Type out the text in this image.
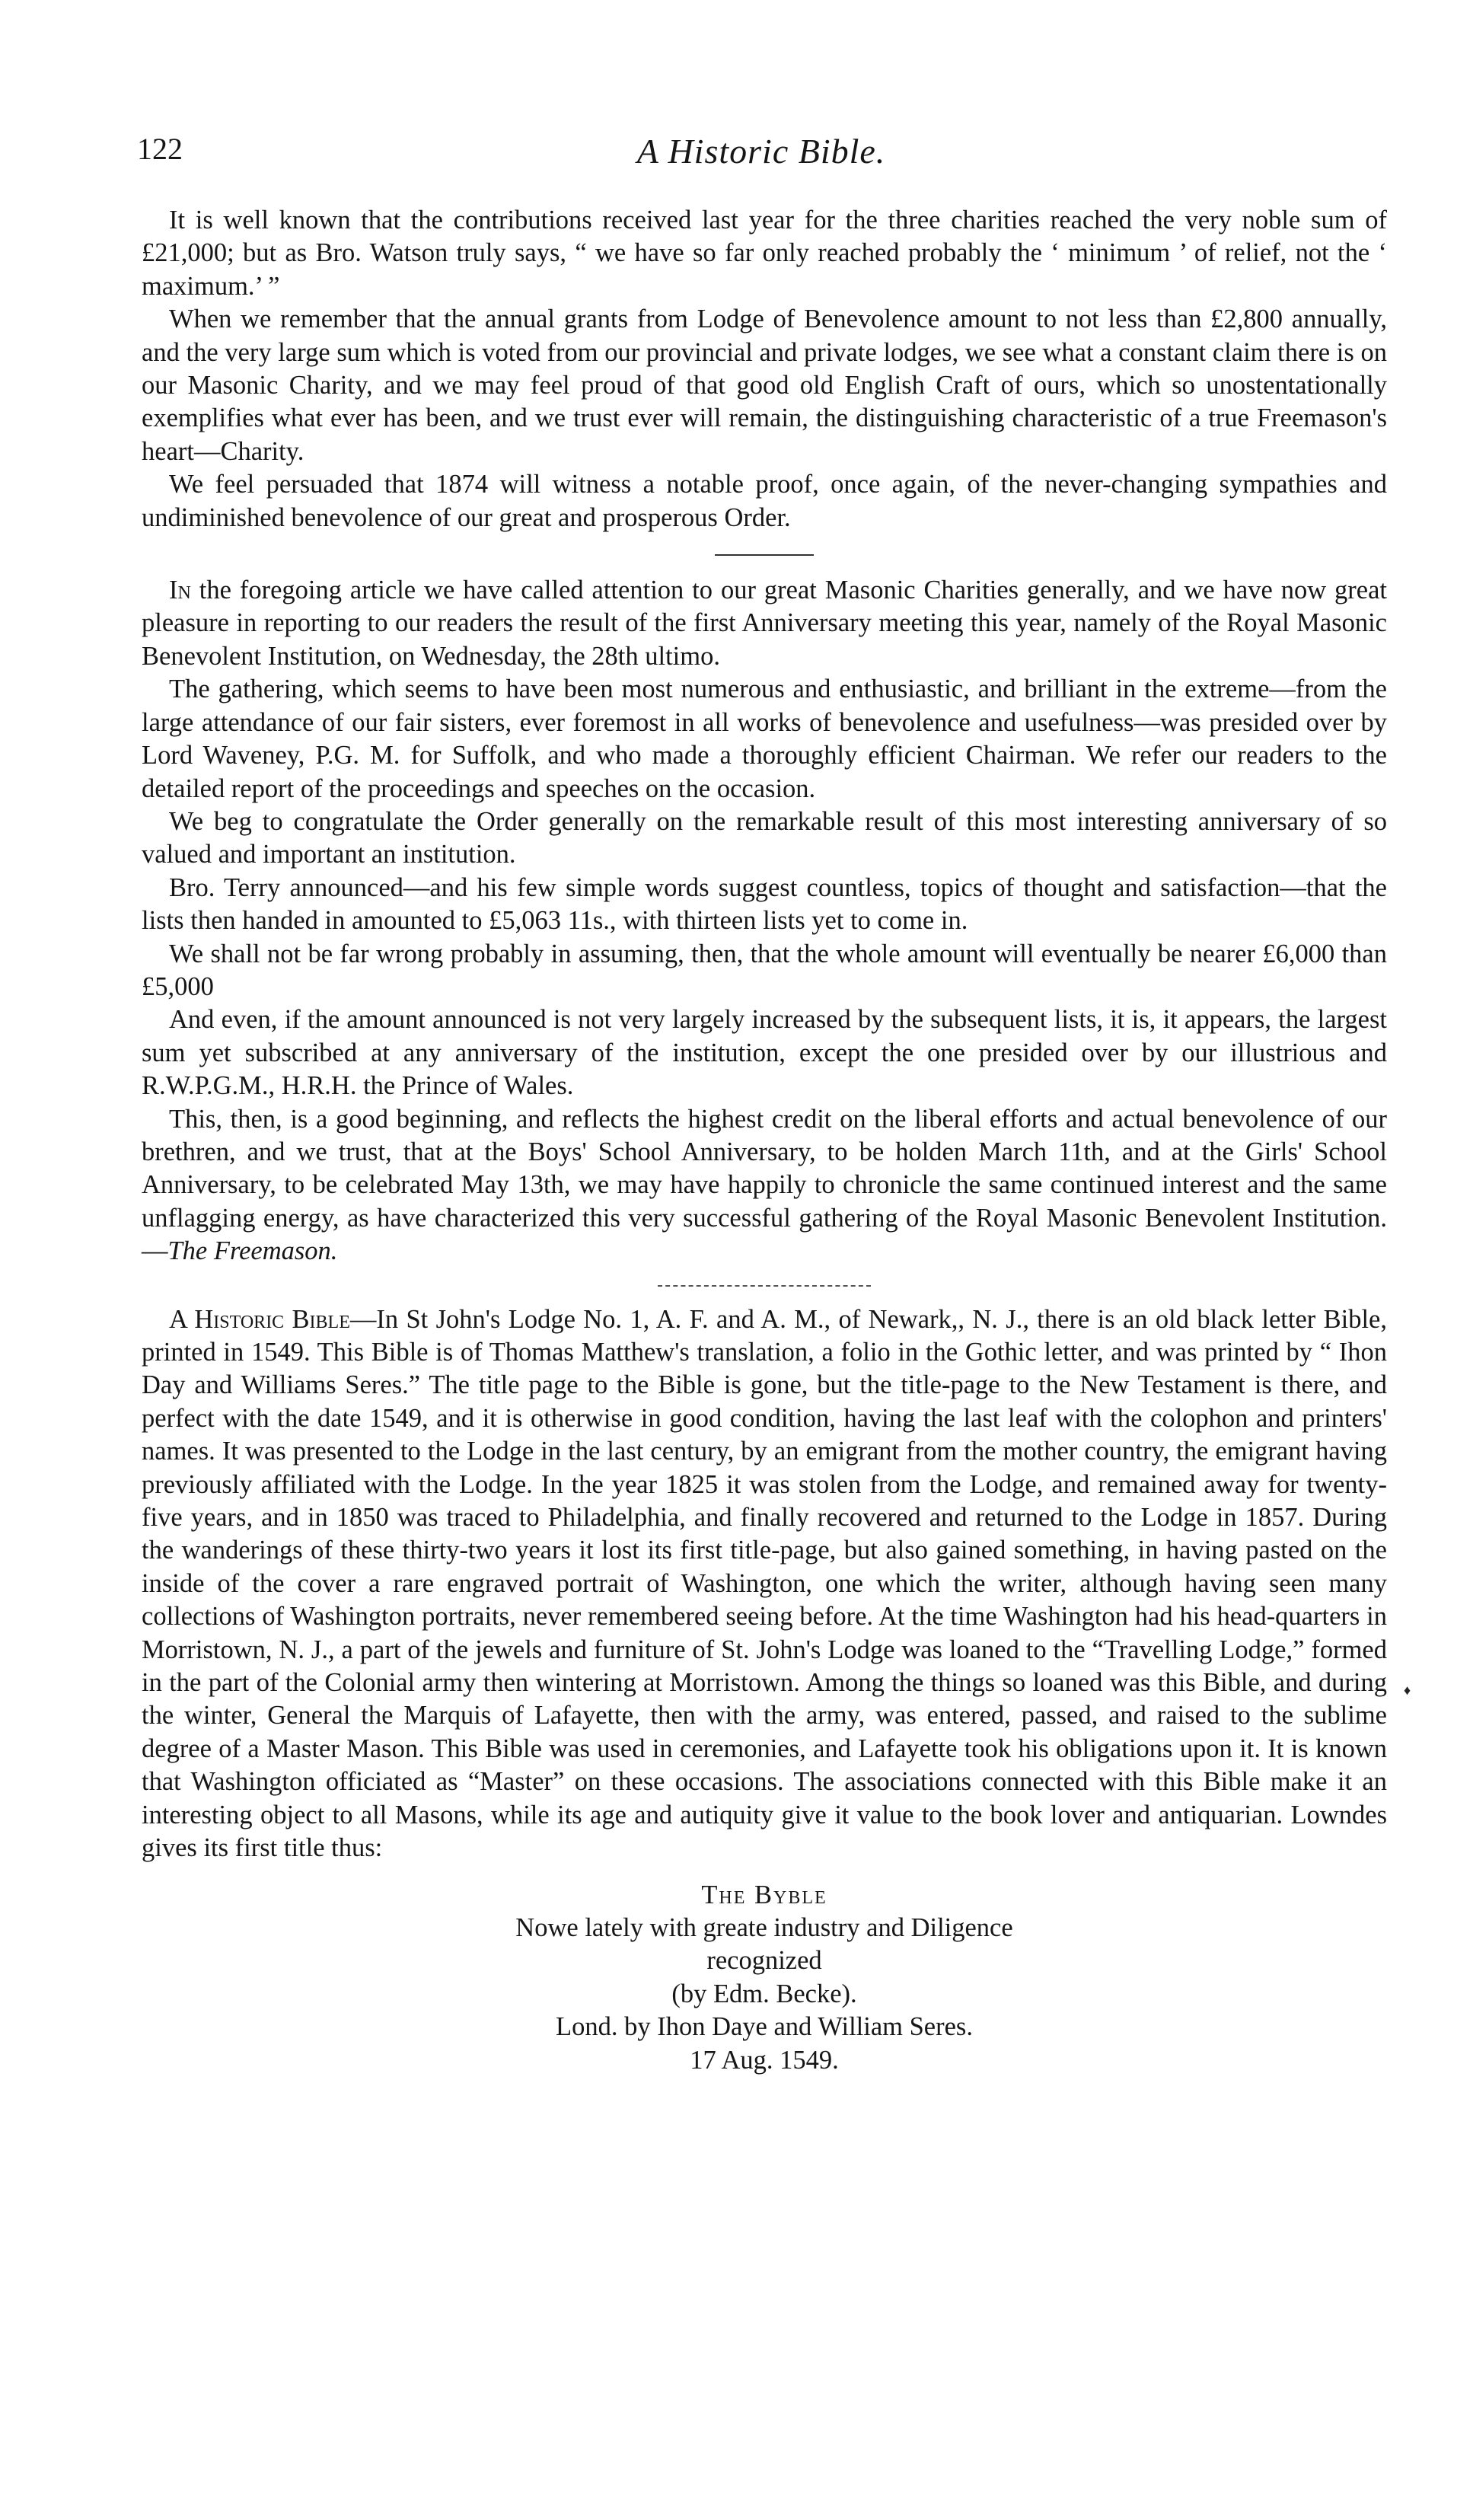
122	A Historic Bible.

It is well known that the contributions received last year for the three charities reached the very noble sum of £21,000; but as Bro. Watson truly says, “ we have so far only reached probably the ‘ minimum ’ of relief, not the ‘ maximum.’ ”

When we remember that the annual grants from Lodge of Benevolence amount to not less than £2,800 annually, and the very large sum which is voted from our provincial and private lodges, we see what a constant claim there is on our Masonic Charity, and we may feel proud of that good old English Craft of ours, which so unostentationally exemplifies what ever has been, and we trust ever will remain, the distinguishing characteristic of a true Freemason's heart—Charity.

We feel persuaded that 1874 will witness a notable proof, once again, of the never-changing sympathies and undiminished benevolence of our great and prosperous Order.

In the foregoing article we have called attention to our great Masonic Charities generally, and we have now great pleasure in reporting to our readers the result of the first Anniversary meeting this year, namely of the Royal Masonic Benevolent Institution, on Wednesday, the 28th ultimo.

The gathering, which seems to have been most numerous and enthusiastic, and brilliant in the extreme—from the large attendance of our fair sisters, ever foremost in all works of benevolence and usefulness—was presided over by Lord Waveney, P.G. M. for Suffolk, and who made a thoroughly efficient Chairman. We refer our readers to the detailed report of the proceedings and speeches on the occasion.

We beg to congratulate the Order generally on the remarkable result of this most interesting anniversary of so valued and important an institution.

Bro. Terry announced—and his few simple words suggest countless, topics of thought and satisfaction—that the lists then handed in amounted to £5,063 11s., with thirteen lists yet to come in.

We shall not be far wrong probably in assuming, then, that the whole amount will eventually be nearer £6,000 than £5,000

And even, if the amount announced is not very largely increased by the subsequent lists, it is, it appears, the largest sum yet subscribed at any anniversary of the institution, except the one presided over by our illustrious and R.W.P.G.M., H.R.H. the Prince of Wales.

This, then, is a good beginning, and reflects the highest credit on the liberal efforts and actual benevolence of our brethren, and we trust, that at the Boys' School Anniversary, to be holden March 11th, and at the Girls' School Anniversary, to be celebrated May 13th, we may have happily to chronicle the same continued interest and the same unflagging energy, as have characterized this very successful gathering of the Royal Masonic Benevolent Institution.—The Freemason.

A Historic Bible—In St John's Lodge No. 1, A. F. and A. M., of Newark,, N. J., there is an old black letter Bible, printed in 1549. This Bible is of Thomas Matthew's translation, a folio in the Gothic letter, and was printed by “ Ihon Day and Williams Seres.” The title page to the Bible is gone, but the title-page to the New Testament is there, and perfect with the date 1549, and it is otherwise in good condition, having the last leaf with the colophon and printers' names. It was presented to the Lodge in the last century, by an emigrant from the mother country, the emigrant having previously affiliated with the Lodge. In the year 1825 it was stolen from the Lodge, and remained away for twenty-five years, and in 1850 was traced to Philadelphia, and finally recovered and returned to the Lodge in 1857. During the wanderings of these thirty-two years it lost its first title-page, but also gained something, in having pasted on the inside of the cover a rare engraved portrait of Washington, one which the writer, although having seen many collections of Washington portraits, never remembered seeing before. At the time Washington had his head-quarters in Morristown, N. J., a part of the jewels and furniture of St. John's Lodge was loaned to the “Travelling Lodge,” formed in the part of the Colonial army then wintering at Morristown. Among the things so loaned was this Bible, and during the winter, General the Marquis of Lafayette, then with the army, was entered, passed, and raised to the sublime degree of a Master Mason. This Bible was used in ceremonies, and Lafayette took his obligations upon it. It is known that Washington officiated as “Master” on these occasions. The associations connected with this Bible make it an interesting object to all Masons, while its age and autiquity give it value to the book lover and antiquarian. Lowndes gives its first title thus:

The Byble
Nowe lately with greate industry and Diligence
recognized
(by Edm. Becke).
Lond. by Ihon Daye and William Seres.
17 Aug. 1549.
♦
